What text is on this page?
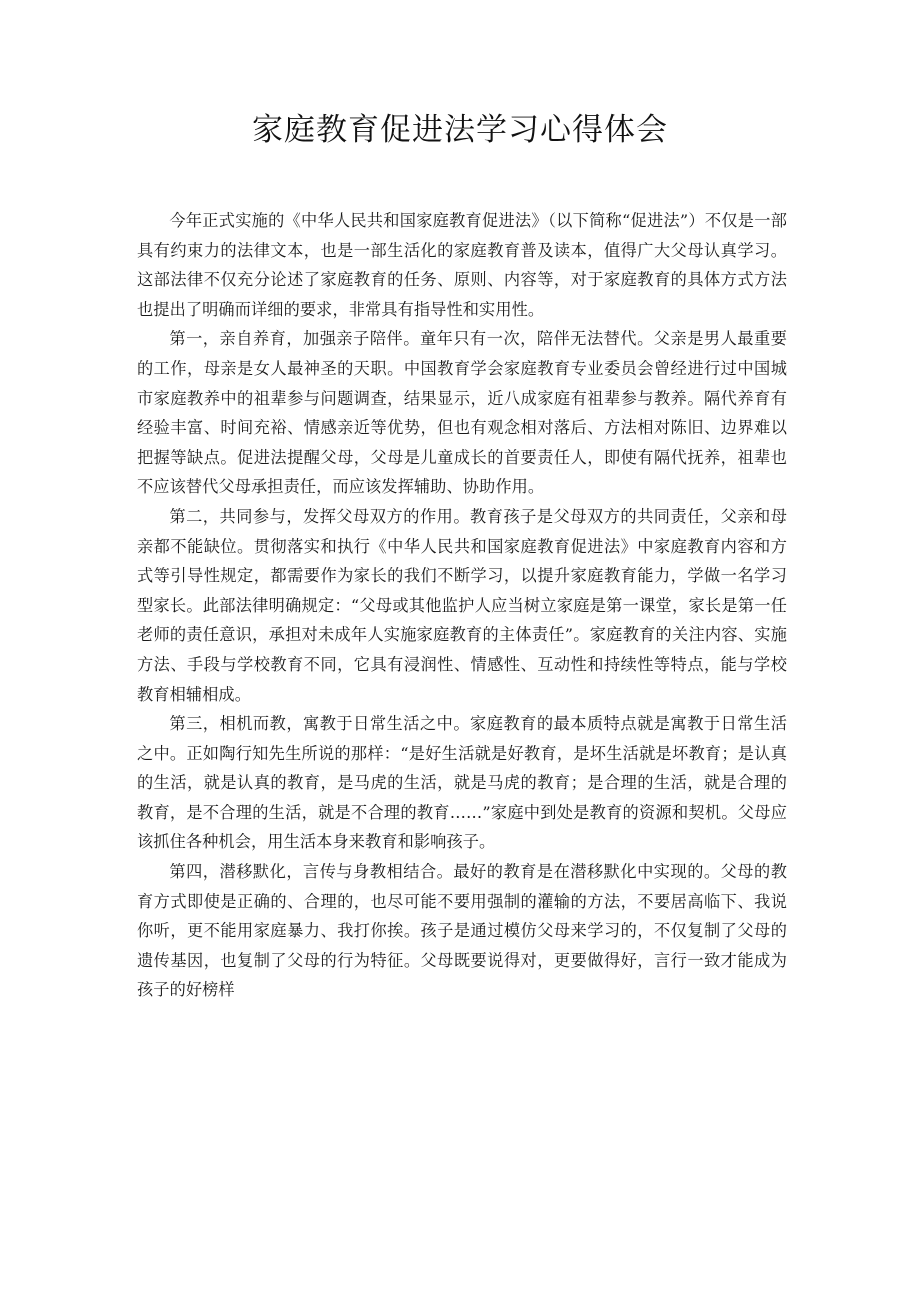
家庭教育促进法学习心得体会

今年正式实施的《中华人民共和国家庭教育促进法》（以下简称“促进法”）不仅是一部具有约束力的法律文本，也是一部生活化的家庭教育普及读本，值得广大父母认真学习。这部法律不仅充分论述了家庭教育的任务、原则、内容等，对于家庭教育的具体方式方法也提出了明确而详细的要求，非常具有指导性和实用性。

第一，亲自养育，加强亲子陪伴。童年只有一次，陪伴无法替代。父亲是男人最重要的工作，母亲是女人最神圣的天职。中国教育学会家庭教育专业委员会曾经进行过中国城市家庭教养中的祖辈参与问题调查，结果显示，近八成家庭有祖辈参与教养。隔代养育有经验丰富、时间充裕、情感亲近等优势，但也有观念相对落后、方法相对陈旧、边界难以把握等缺点。促进法提醒父母，父母是儿童成长的首要责任人，即使有隔代抚养，祖辈也不应该替代父母承担责任，而应该发挥辅助、协助作用。

第二，共同参与，发挥父母双方的作用。教育孩子是父母双方的共同责任，父亲和母亲都不能缺位。贯彻落实和执行《中华人民共和国家庭教育促进法》中家庭教育内容和方式等引导性规定，都需要作为家长的我们不断学习，以提升家庭教育能力，学做一名学习型家长。此部法律明确规定：“父母或其他监护人应当树立家庭是第一课堂，家长是第一任老师的责任意识，承担对未成年人实施家庭教育的主体责任”。家庭教育的关注内容、实施方法、手段与学校教育不同，它具有浸润性、情感性、互动性和持续性等特点，能与学校教育相辅相成。

第三，相机而教，寓教于日常生活之中。家庭教育的最本质特点就是寓教于日常生活之中。正如陶行知先生所说的那样：“是好生活就是好教育，是坏生活就是坏教育；是认真的生活，就是认真的教育，是马虎的生活，就是马虎的教育；是合理的生活，就是合理的教育，是不合理的生活，就是不合理的教育……”家庭中到处是教育的资源和契机。父母应该抓住各种机会，用生活本身来教育和影响孩子。

第四，潜移默化，言传与身教相结合。最好的教育是在潜移默化中实现的。父母的教育方式即使是正确的、合理的，也尽可能不要用强制的灌输的方法，不要居高临下、我说你听，更不能用家庭暴力、我打你挨。孩子是通过模仿父母来学习的，不仅复制了父母的遗传基因，也复制了父母的行为特征。父母既要说得对，更要做得好，言行一致才能成为孩子的好榜样
